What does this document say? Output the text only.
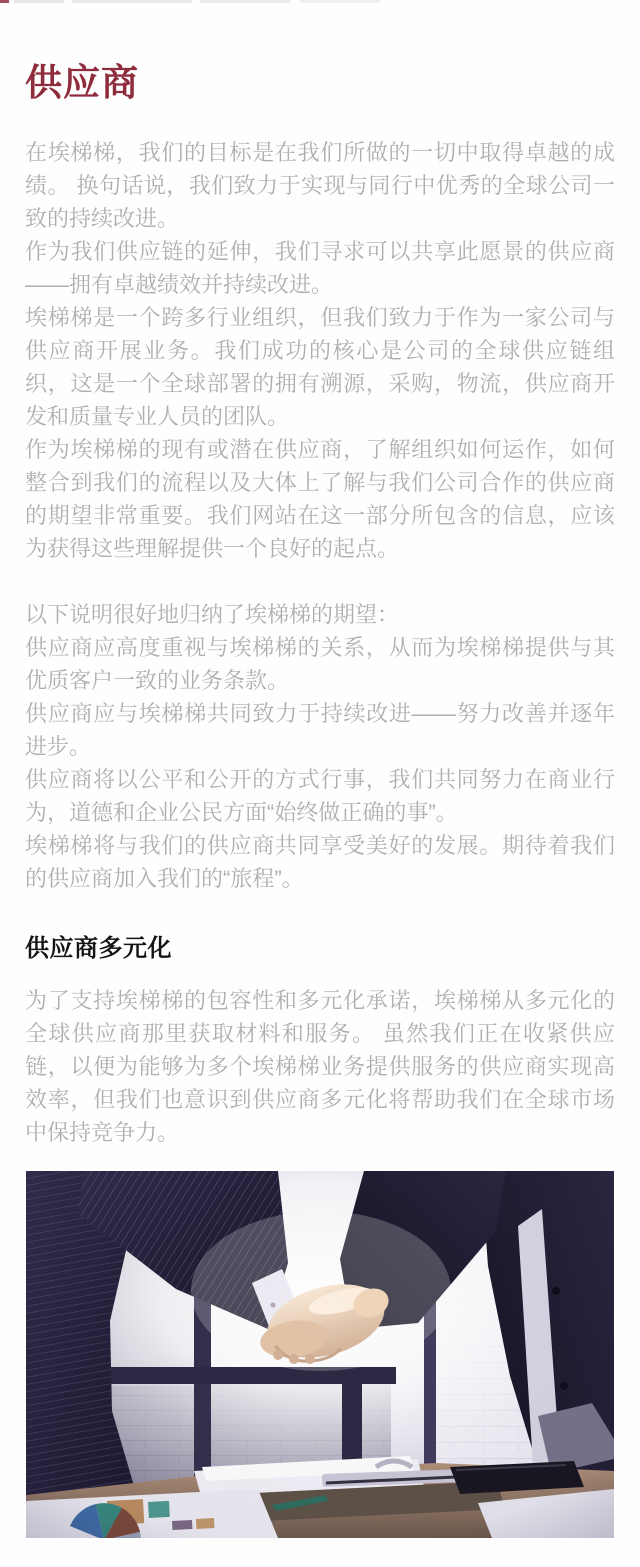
供应商

在埃梯梯，我们的目标是在我们所做的一切中取得卓越的成绩。 换句话说，我们致力于实现与同行中优秀的全球公司一致的持续改进。

作为我们供应链的延伸，我们寻求可以共享此愿景的供应商——拥有卓越绩效并持续改进。

埃梯梯是一个跨多行业组织，但我们致力于作为一家公司与供应商开展业务。我们成功的核心是公司的全球供应链组织，这是一个全球部署的拥有溯源，采购，物流，供应商开发和质量专业人员的团队。

作为埃梯梯的现有或潜在供应商，了解组织如何运作，如何整合到我们的流程以及大体上了解与我们公司合作的供应商的期望非常重要。我们网站在这一部分所包含的信息，应该为获得这些理解提供一个良好的起点。

以下说明很好地归纳了埃梯梯的期望：

供应商应高度重视与埃梯梯的关系，从而为埃梯梯提供与其优质客户一致的业务条款。

供应商应与埃梯梯共同致力于持续改进——努力改善并逐年进步。

供应商将以公平和公开的方式行事，我们共同努力在商业行为，道德和企业公民方面“始终做正确的事”。

埃梯梯将与我们的供应商共同享受美好的发展。期待着我们的供应商加入我们的“旅程”。

供应商多元化

为了支持埃梯梯的包容性和多元化承诺，埃梯梯从多元化的全球供应商那里获取材料和服务。 虽然我们正在收紧供应链，以便为能够为多个埃梯梯业务提供服务的供应商实现高效率，但我们也意识到供应商多元化将帮助我们在全球市场中保持竞争力。
